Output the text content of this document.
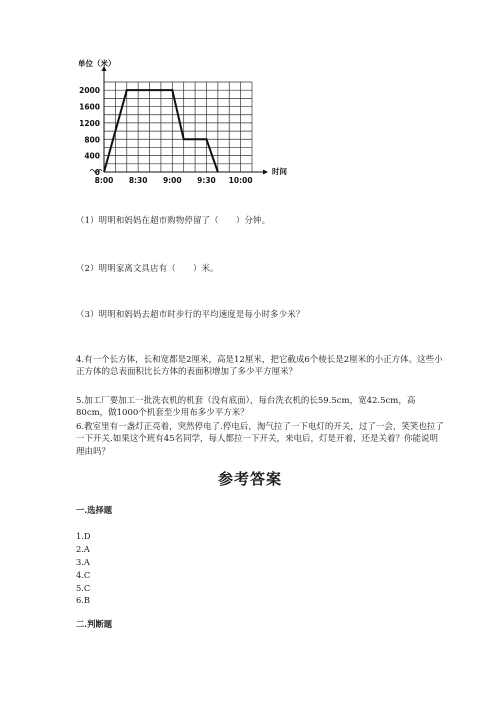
0
400
800
1200
1600
2000
8:00 8:30 9:00 9:30 10:00
单位（米）
时间
（1）明明和妈妈在超市购物停留了（　　）分钟。
（2）明明家离文具店有（　　）米。
（3）明明和妈妈去超市时步行的平均速度是每小时多少米？
4.有一个长方体，长和宽都是2厘米，高是12厘米，把它截成6个棱长是2厘米的小正方体。这些小正方体的总表面积比长方体的表面积增加了多少平方厘米？
5.加工厂要加工一批洗衣机的机套（没有底面），每台洗衣机的长59.5cm，宽42.5cm，高80cm，做1000个机套至少用布多少平方米？
6.教室里有一盏灯正亮着，突然停电了.停电后，淘气拉了一下电灯的开关，过了一会，笑笑也拉了一下开关.如果这个班有45名同学，每人都拉一下开关，来电后，灯是开着，还是关着？你能说明理由吗？
参考答案
一.选择题
1.D
2.A
3.A
4.C
5.C
6.B
二.判断题
